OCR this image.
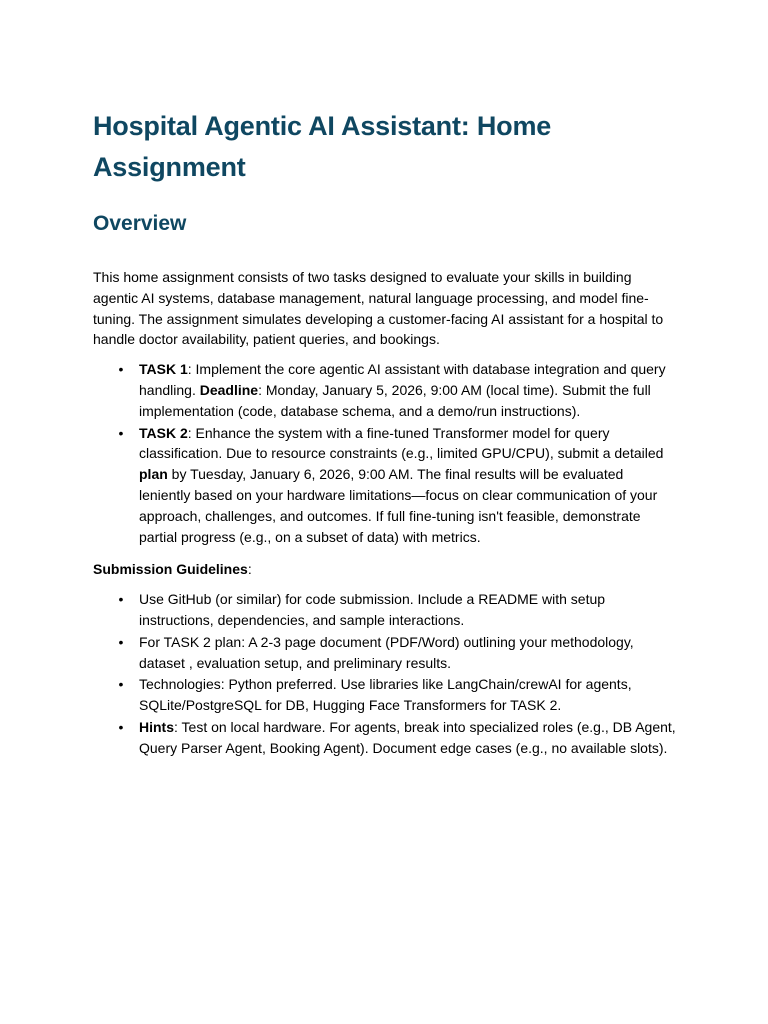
Hospital Agentic AI Assistant: Home Assignment
Overview

This home assignment consists of two tasks designed to evaluate your skills in building agentic AI systems, database management, natural language processing, and model fine-tuning. The assignment simulates developing a customer-facing AI assistant for a hospital to handle doctor availability, patient queries, and bookings.

• TASK 1: Implement the core agentic AI assistant with database integration and query handling. Deadline: Monday, January 5, 2026, 9:00 AM (local time). Submit the full implementation (code, database schema, and a demo/run instructions).
• TASK 2: Enhance the system with a fine-tuned Transformer model for query classification. Due to resource constraints (e.g., limited GPU/CPU), submit a detailed plan by Tuesday, January 6, 2026, 9:00 AM. The final results will be evaluated leniently based on your hardware limitations—focus on clear communication of your approach, challenges, and outcomes. If full fine-tuning isn't feasible, demonstrate partial progress (e.g., on a subset of data) with metrics.

Submission Guidelines:

• Use GitHub (or similar) for code submission. Include a README with setup instructions, dependencies, and sample interactions.
• For TASK 2 plan: A 2-3 page document (PDF/Word) outlining your methodology, dataset , evaluation setup, and preliminary results.
• Technologies: Python preferred. Use libraries like LangChain/crewAI for agents, SQLite/PostgreSQL for DB, Hugging Face Transformers for TASK 2.
• Hints: Test on local hardware. For agents, break into specialized roles (e.g., DB Agent, Query Parser Agent, Booking Agent). Document edge cases (e.g., no available slots).
